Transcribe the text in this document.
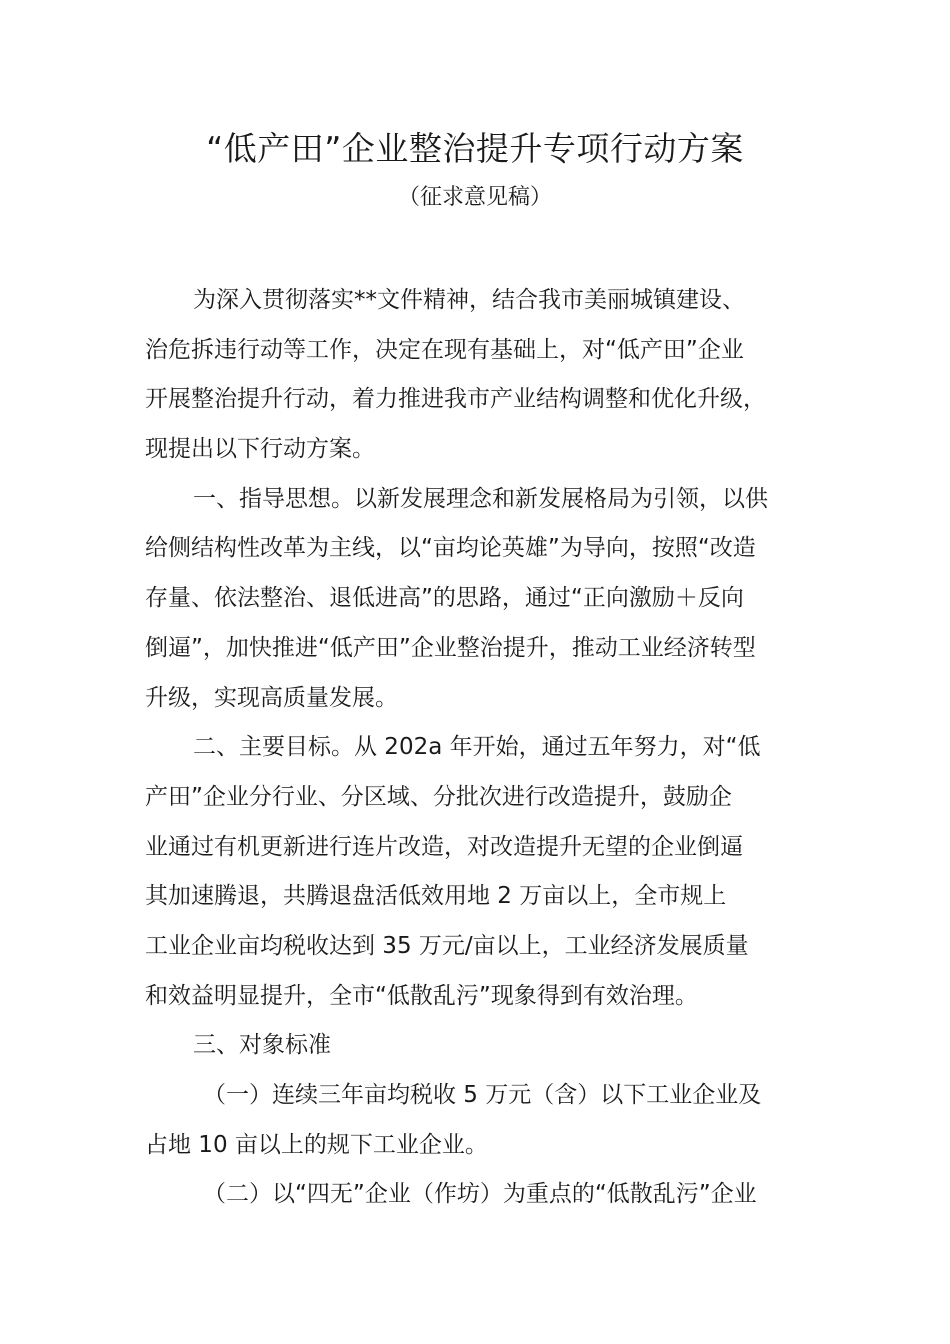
“低产田”企业整治提升专项行动方案
（征求意见稿）
为深入贯彻落实**文件精神，结合我市美丽城镇建设、
治危拆违行动等工作，决定在现有基础上，对“低产田”企业
开展整治提升行动，着力推进我市产业结构调整和优化升级，
现提出以下行动方案。
一、指导思想。以新发展理念和新发展格局为引领，以供
给侧结构性改革为主线，以“亩均论英雄”为导向，按照“改造
存量、依法整治、退低进高”的思路，通过“正向激励＋反向
倒逼”，加快推进“低产田”企业整治提升，推动工业经济转型
升级，实现高质量发展。
二、主要目标。从 202a 年开始，通过五年努力，对“低
产田”企业分行业、分区域、分批次进行改造提升，鼓励企
业通过有机更新进行连片改造，对改造提升无望的企业倒逼
其加速腾退，共腾退盘活低效用地 2 万亩以上，全市规上
工业企业亩均税收达到 35 万元/亩以上，工业经济发展质量
和效益明显提升，全市“低散乱污”现象得到有效治理。
三、对象标准
（一）连续三年亩均税收 5 万元（含）以下工业企业及
占地 10 亩以上的规下工业企业。
（二）以“四无”企业（作坊）为重点的“低散乱污”企业
